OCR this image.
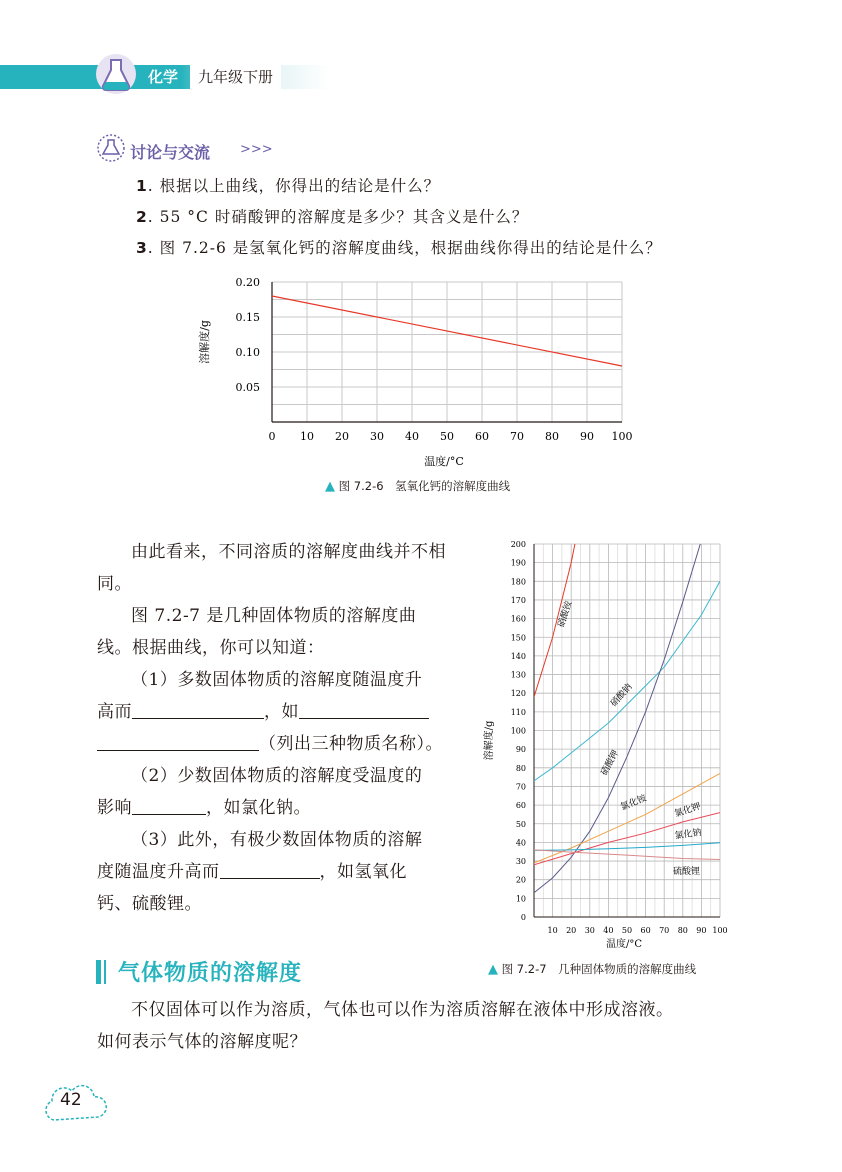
化学	九年级下册
讨论与交流 >>>
1. 根据以上曲线，你得出的结论是什么？
2. 55 °C 时硝酸钾的溶解度是多少？其含义是什么？
3. 图 7.2-6 是氢氧化钙的溶解度曲线，根据曲线你得出的结论是什么？
0 10 20 30 40 50 60 70 80 90 100
0.05
0.10
0.15
0.20
温度/°C
溶解度/g
▲ 图 7.2-6　氢氧化钙的溶解度曲线
由此看来，不同溶质的溶解度曲线并不相同。
图 7.2-7 是几种固体物质的溶解度曲
线。根据曲线，你可以知道：
（1）多数固体物质的溶解度随温度升
高而	，如
（列出三种物质名称）。
（2）少数固体物质的溶解度受温度的
影响	，如氯化钠。
（3）此外，有极少数固体物质的溶解
度随温度升高而	，如氢氧化
钙、硫酸锂。
0
10
20
30
40
50
60
70
80
90
100
110
120
130
140
150
160
170
180
190
200
10 20 30 40 50 60 70 80 90 100
温度/°C
溶解度/g
硝酸铵
硝酸钠
硝酸钾
氯化铵	氯化钾
氯化钠
硫酸锂
▲ 图 7.2-7　几种固体物质的溶解度曲线
气体物质的溶解度
不仅固体可以作为溶质，气体也可以作为溶质溶解在液体中形成溶液。
如何表示气体的溶解度呢？
42
